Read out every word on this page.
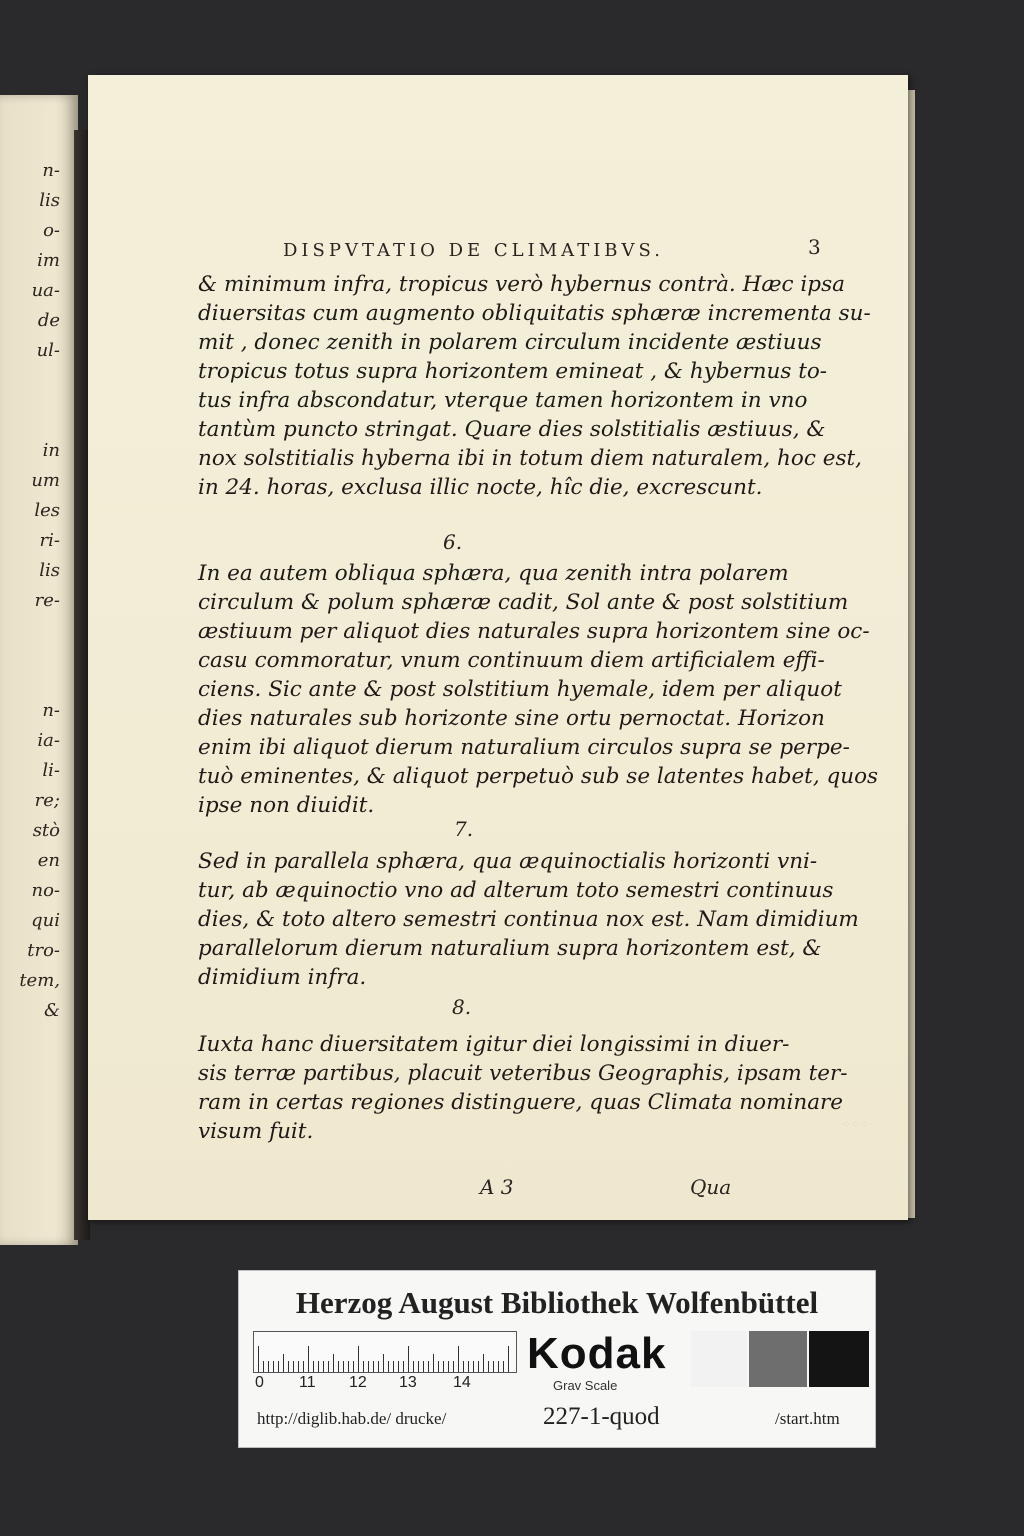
n-
lis
o-
im
ua-
de
ul-
in
um
les
ri-
lis
re-
n-
ia-
li-
re;
stò
en
no-
qui
tro-
tem,
&
DISPVTATIO DE CLIMATIBVS.	3
& minimum infra, tropicus verò hybernus contrà. Hæc ipsa
diuersitas cum augmento obliquitatis sphæræ incrementa su-
mit , donec zenith in polarem circulum incidente æstiuus
tropicus totus supra horizontem emineat , & hybernus to-
tus infra abscondatur, vterque tamen horizontem in vno
tantùm puncto stringat. Quare dies solstitialis æstiuus, &
nox solstitialis hyberna ibi in totum diem naturalem, hoc est,
in 24. horas, exclusa illic nocte, hîc die, excrescunt.
6.
In ea autem obliqua sphæra, qua zenith intra polarem
circulum & polum sphæræ cadit, Sol ante & post solstitium
æstiuum per aliquot dies naturales supra horizontem sine oc-
casu commoratur, vnum continuum diem artificialem effi-
ciens. Sic ante & post solstitium hyemale, idem per aliquot
dies naturales sub horizonte sine ortu pernoctat. Horizon
enim ibi aliquot dierum naturalium circulos supra se perpe-
tuò eminentes, & aliquot perpetuò sub se latentes habet, quos
ipse non diuidit.
7.
Sed in parallela sphæra, qua æquinoctialis horizonti vni-
tur, ab æquinoctio vno ad alterum toto semestri continuus
dies, & toto altero semestri continua nox est. Nam dimidium
parallelorum dierum naturalium supra horizontem est, &
dimidium infra.
8.
Iuxta hanc diuersitatem igitur diei longissimi in diuer-
sis terræ partibus, placuit veteribus Geographis, ipsam ter-
ram in certas regiones distinguere, quas Climata nominare
visum fuit.
A 3	Qua
⁘⁘⁘
Herzog August Bibliothek Wolfenbüttel
0 11 12 13 14
Kodak
Grav Scale
http://diglib.hab.de/ drucke/	227-1-quod	/start.htm
